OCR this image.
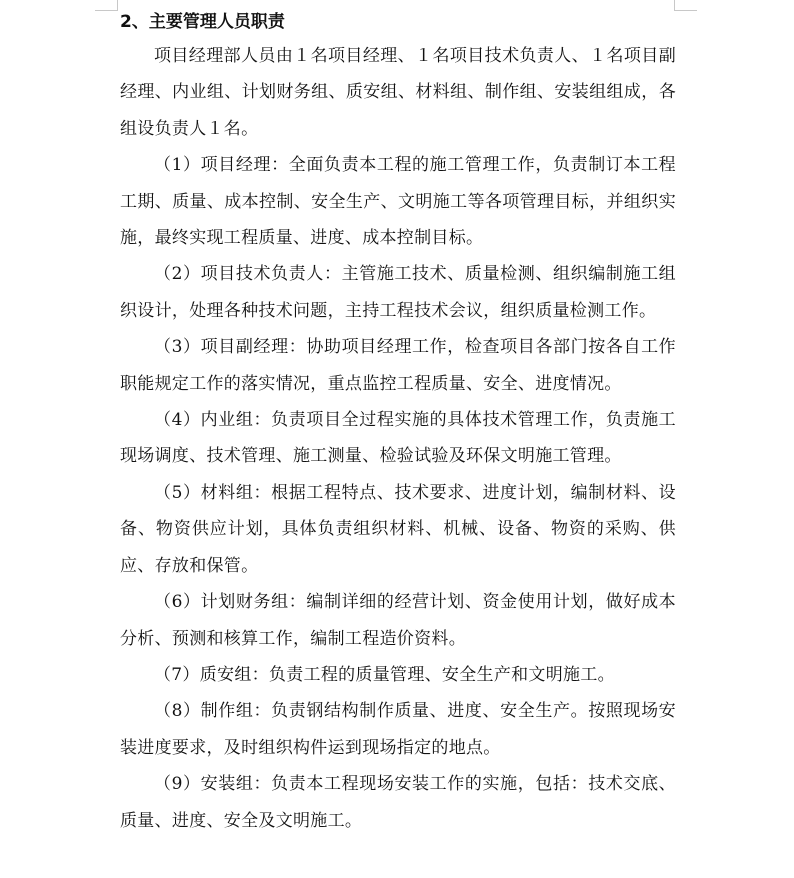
2、主要管理人员职责

项目经理部人员由１名项目经理、１名项目技术负责人、１名项目副经理、内业组、计划财务组、质安组、材料组、制作组、安装组组成，各组设负责人１名。

（1）项目经理：全面负责本工程的施工管理工作，负责制订本工程工期、质量、成本控制、安全生产、文明施工等各项管理目标，并组织实施，最终实现工程质量、进度、成本控制目标。

（2）项目技术负责人：主管施工技术、质量检测、组织编制施工组织设计，处理各种技术问题，主持工程技术会议，组织质量检测工作。

（3）项目副经理：协助项目经理工作，检查项目各部门按各自工作职能规定工作的落实情况，重点监控工程质量、安全、进度情况。

（4）内业组：负责项目全过程实施的具体技术管理工作，负责施工现场调度、技术管理、施工测量、检验试验及环保文明施工管理。

（5）材料组：根据工程特点、技术要求、进度计划，编制材料、设备、物资供应计划，具体负责组织材料、机械、设备、物资的采购、供应、存放和保管。

（6）计划财务组：编制详细的经营计划、资金使用计划，做好成本分析、预测和核算工作，编制工程造价资料。

（7）质安组：负责工程的质量管理、安全生产和文明施工。

（8）制作组：负责钢结构制作质量、进度、安全生产。按照现场安装进度要求，及时组织构件运到现场指定的地点。

（9）安装组：负责本工程现场安装工作的实施，包括：技术交底、质量、进度、安全及文明施工。
